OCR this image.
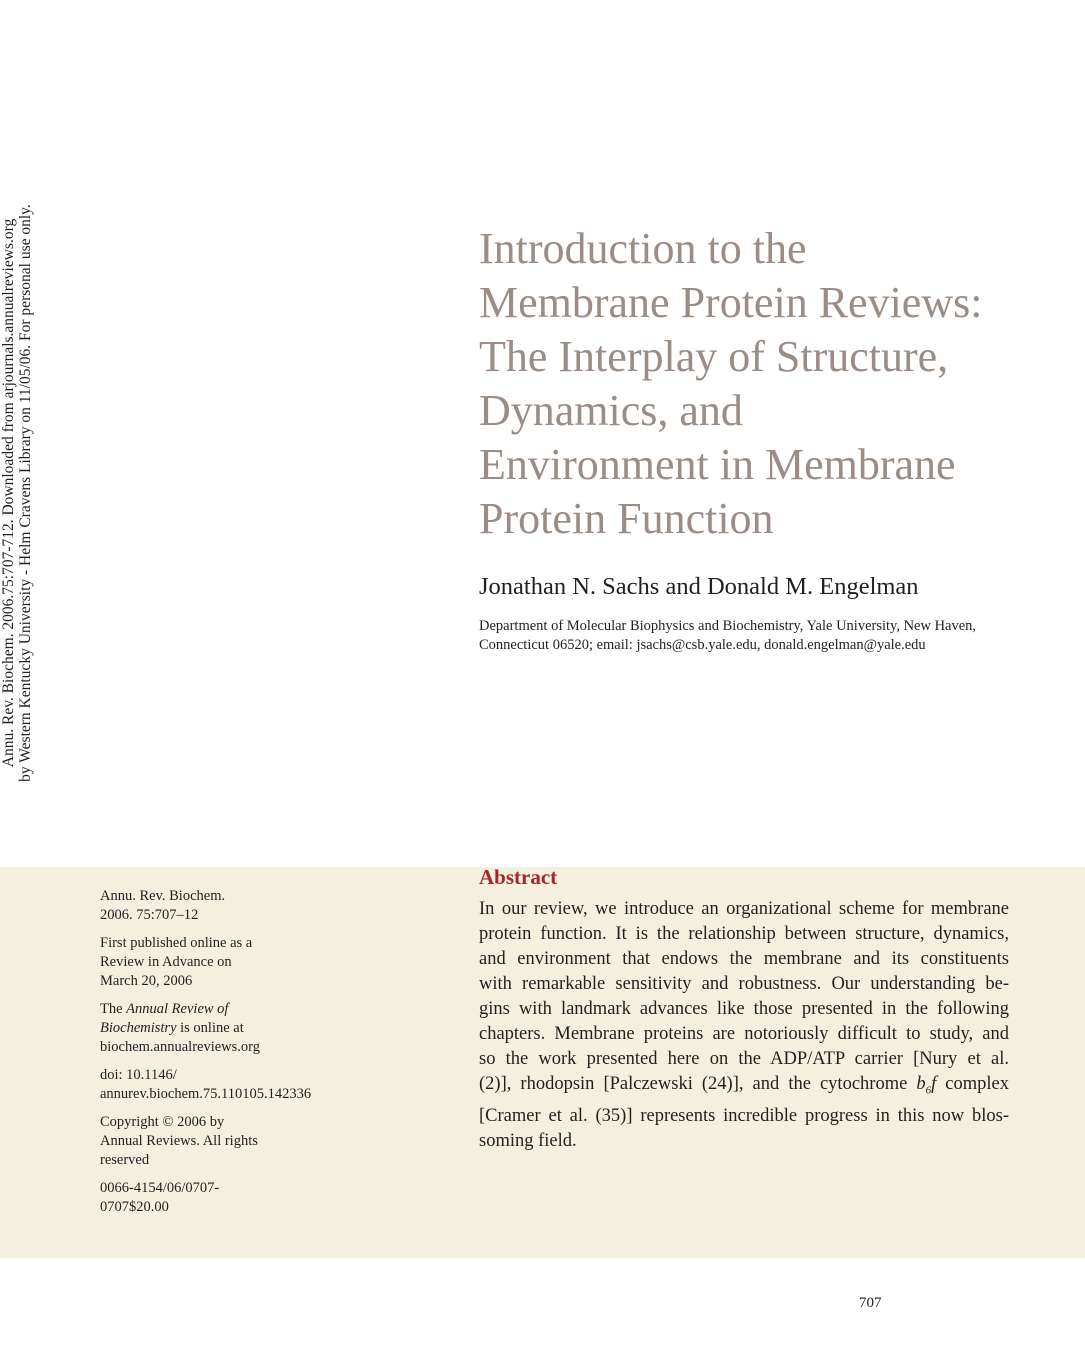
Annu. Rev. Biochem. 2006.75:707-712. Downloaded from arjournals.annualreviews.org by Western Kentucky University - Helm Cravens Library on 11/05/06. For personal use only.	Introduction to the
Membrane Protein Reviews:
The Interplay of Structure,
Dynamics, and
Environment in Membrane
Protein Function
Jonathan N. Sachs and Donald M. Engelman
Department of Molecular Biophysics and Biochemistry, Yale University, New Haven,
Connecticut 06520; email: jsachs@csb.yale.edu, donald.engelman@yale.edu
Annu. Rev. Biochem.
2006. 75:707–12
First published online as a
Review in Advance on
March 20, 2006
The Annual Review of
Biochemistry is online at
biochem.annualreviews.org
doi: 10.1146/
annurev.biochem.75.110105.142336
Copyright © 2006 by
Annual Reviews. All rights
reserved
0066-4154/06/0707-
0707$20.00
Abstract
In our review, we introduce an organizational scheme for membrane
protein function. It is the relationship between structure, dynamics,
and environment that endows the membrane and its constituents
with remarkable sensitivity and robustness. Our understanding be-
gins with landmark advances like those presented in the following
chapters. Membrane proteins are notoriously difficult to study, and
so the work presented here on the ADP/ATP carrier [Nury et al.
(2)], rhodopsin [Palczewski (24)], and the cytochrome $b_6f$ complex
[Cramer et al. (35)] represents incredible progress in this now blos-
soming field.
707
